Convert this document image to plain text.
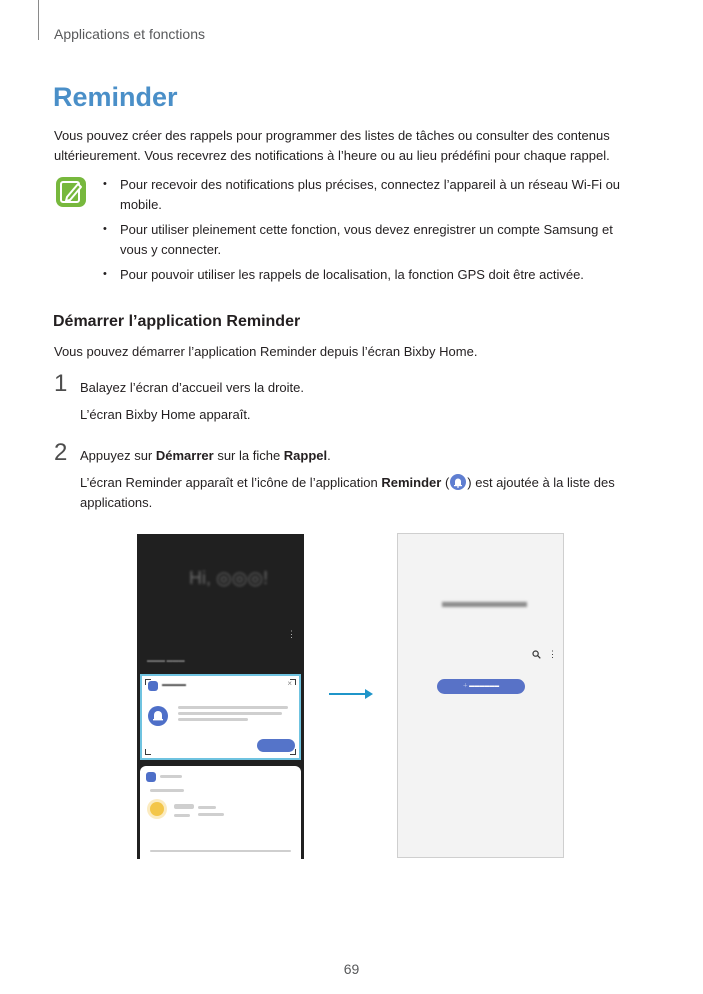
Applications et fonctions
Reminder
Vous pouvez créer des rappels pour programmer des listes de tâches ou consulter des contenus ultérieurement. Vous recevrez des notifications à l’heure ou au lieu prédéfini pour chaque rappel.
• Pour recevoir des notifications plus précises, connectez l’appareil à un réseau Wi-Fi ou mobile.
• Pour utiliser pleinement cette fonction, vous devez enregistrer un compte Samsung et vous y connecter.
• Pour pouvoir utiliser les rappels de localisation, la fonction GPS doit être activée.
Démarrer l’application Reminder
Vous pouvez démarrer l’application Reminder depuis l’écran Bixby Home.
1 Balayez l’écran d’accueil vers la droite.
L’écran Bixby Home apparaît.
2 Appuyez sur Démarrer sur la fiche Rappel.
L’écran Reminder apparaît et l’icône de l’application Reminder ( ) est ajoutée à la liste des applications.
Hi, ◎◎◎!
⋮
▬▬▬ ▬▬▬
▬▬▬▬	×
▬▬▬▬▬
⋮
＋ ▬▬▬▬▬▬
69
